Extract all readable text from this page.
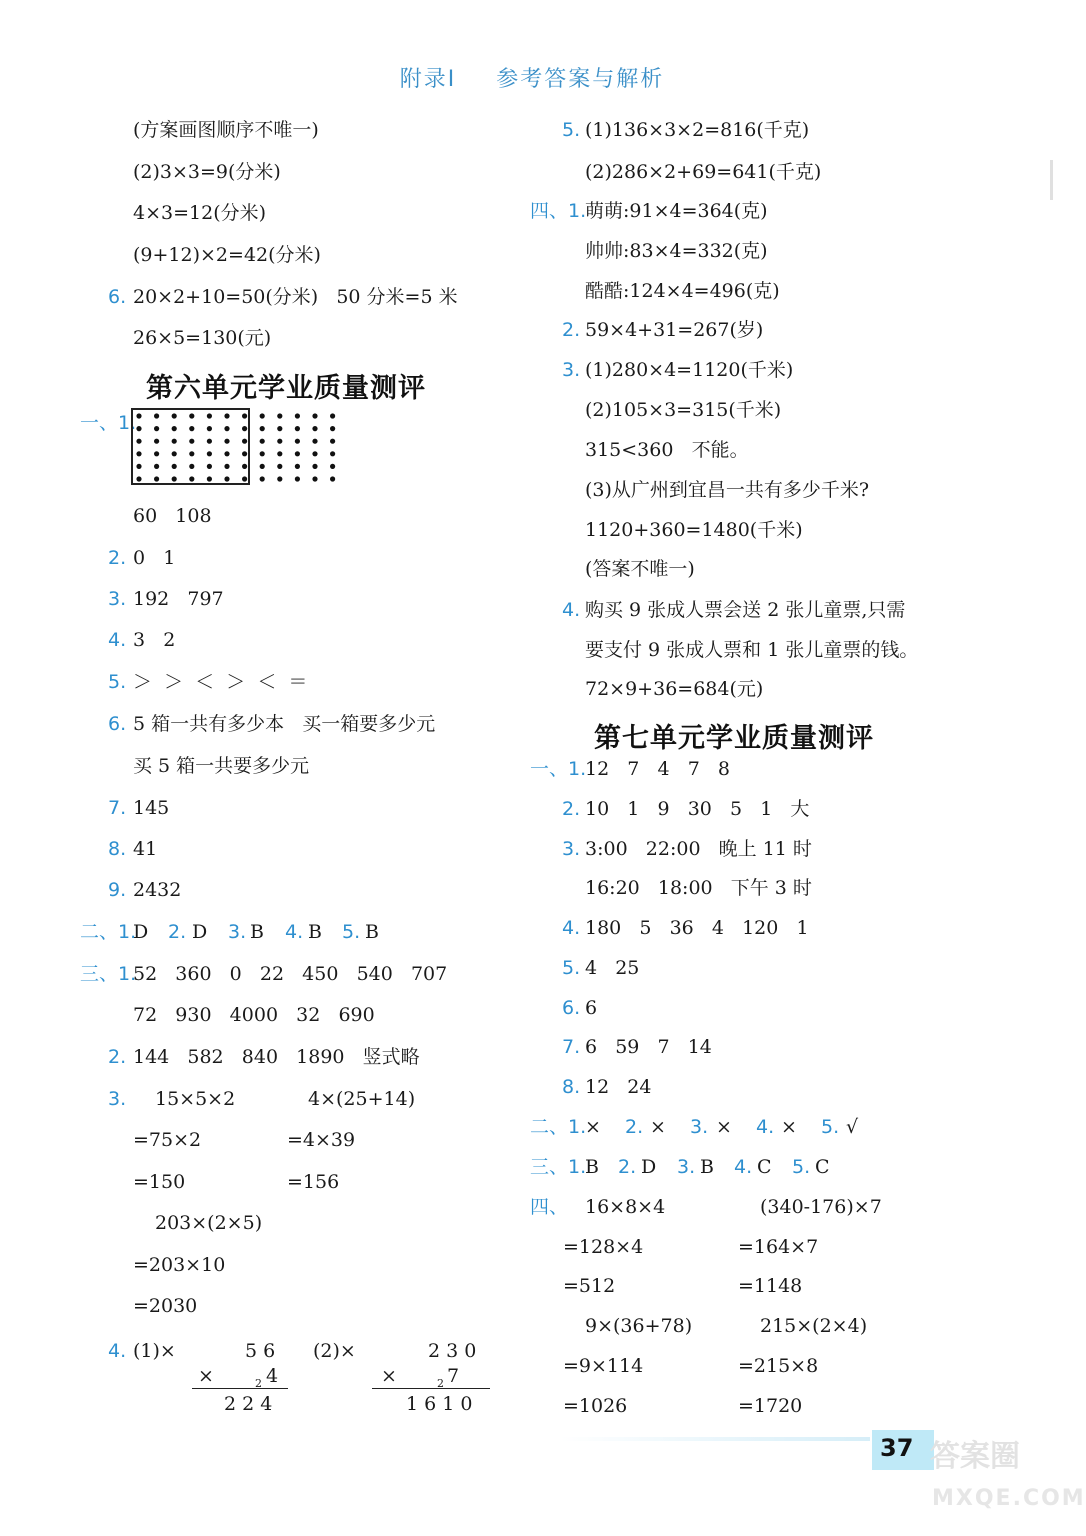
附录Ⅰ 参考答案与解析
(方案画图顺序不唯一)
(2)3×3=9(分米)
4×3=12(分米)
(9+12)×2=42(分米)
6. 20×2+10=50(分米)   50 分米=5 米
26×5=130(元)
第六单元学业质量测评
一、1.
60   108
2. 0   1
3. 192   797
4. 3   2
5. ＞  ＞  ＜  ＞  ＜  ＝
6. 5 箱一共有多少本   买一箱要多少元
买 5 箱一共要多少元
7. 145
8. 41
9. 2432
二、1.
D 2. D 3. B 4. B 5. B
三、1.
52   360   0   22   450   540   707
72   930   4000   32   690
2. 144   582   840   1890   竖式略
3. 15×5×2	4×(25+14)
=75×2	=4×39
=150	=156
203×(2×5)
=203×10
=2030
4. (1)×	5 6
×	2 4
2 2 4
(2)×	2 3 0
×	2 7
1 6 1 0
5. (1)136×3×2=816(千克)
(2)286×2+69=641(千克)
四、1.
萌萌:91×4=364(克)
帅帅:83×4=332(克)
酷酷:124×4=496(克)
2. 59×4+31=267(岁)
3. (1)280×4=1120(千米)
(2)105×3=315(千米)
315<360   不能。
(3)从广州到宜昌一共有多少千米?
1120+360=1480(千米)
(答案不唯一)
4. 购买 9 张成人票会送 2 张儿童票,只需
要支付 9 张成人票和 1 张儿童票的钱。
72×9+36=684(元)
第七单元学业质量测评
一、1.
12   7   4   7   8
2. 10   1   9   30   5   1   大
3. 3:00   22:00   晚上 11 时
16:20   18:00   下午 3 时
4. 180   5   36   4   120   1
5. 4   25
6. 6
7. 6   59   7   14
8. 12   24
二、1.
× 2. × 3. × 4. × 5. √
三、1.
B 2. D 3. B 4. C 5. C
四、 16×8×4	(340-176)×7
=128×4	=164×7
=512	=1148
9×(36+78)	215×(2×4)
=9×114	=215×8
=1026	=1720
37 答案圈
MXQE.COM
